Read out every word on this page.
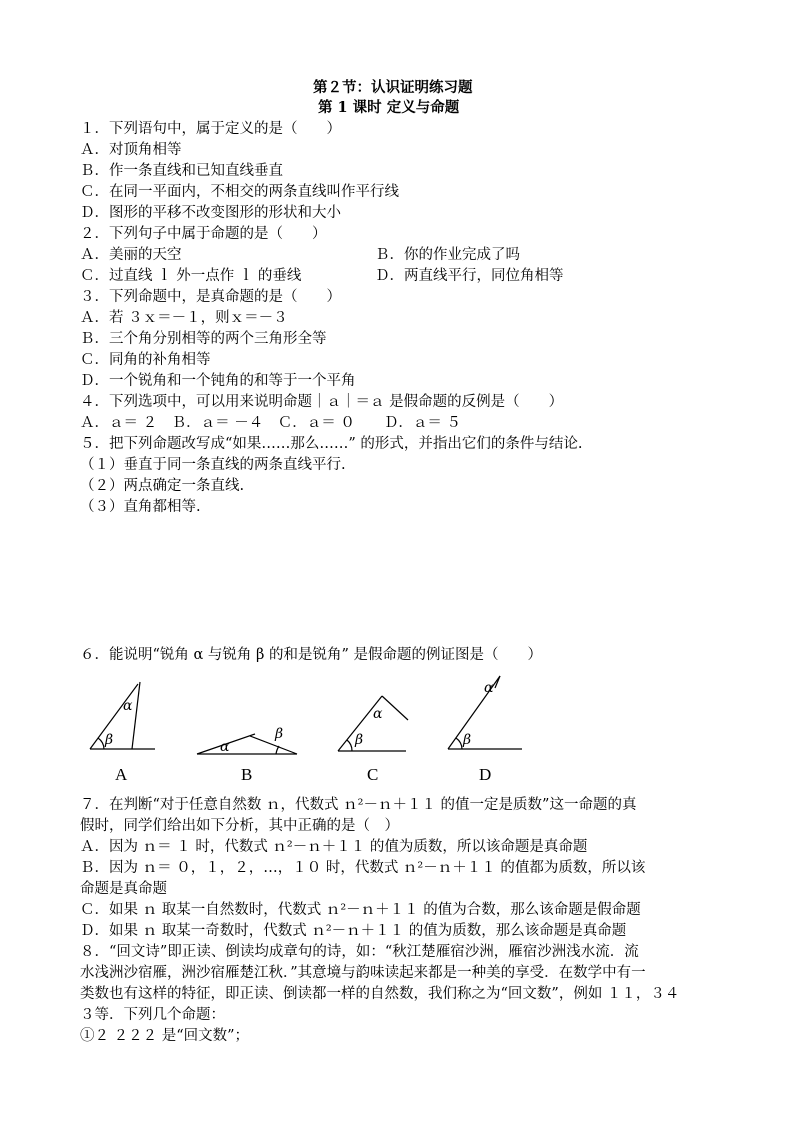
第２节：认识证明练习题
第 1 课时 定义与命题
１．下列语句中，属于定义的是（　　）
Ａ．对顶角相等
Ｂ．作一条直线和已知直线垂直
Ｃ．在同一平面内，不相交的两条直线叫作平行线
Ｄ．图形的平移不改变图形的形状和大小
２．下列句子中属于命题的是（　　）
Ａ．美丽的天空	Ｂ．你的作业完成了吗
Ｃ．过直线 ｌ 外一点作 ｌ 的垂线	Ｄ．两直线平行，同位角相等
３．下列命题中，是真命题的是（　　）
Ａ．若 ３ｘ＝－１，则ｘ＝－３
Ｂ．三个角分别相等的两个三角形全等
Ｃ．同角的补角相等
Ｄ．一个锐角和一个钝角的和等于一个平角
４．下列选项中，可以用来说明命题｜ａ｜＝ａ 是假命题的反例是（　　）
Ａ．ａ＝ ２　Ｂ．ａ＝ －４　Ｃ．ａ＝ ０　　Ｄ．ａ＝ ５
５．把下列命题改写成“如果……那么……” 的形式，并指出它们的条件与结论.
（１）垂直于同一条直线的两条直线平行.
（２）两点确定一条直线.
（３）直角都相等.
６．能说明“锐角 α 与锐角 β 的和是锐角” 是假命题的例证图是（　　）
α
β	α
β
α
β
α
β
A	B	C	D
７．在判断“对于任意自然数 ｎ，代数式 ｎ²－ｎ＋１１ 的值一定是质数”这一命题的真
假时，同学们给出如下分析，其中正确的是（　）
Ａ．因为 ｎ＝ １ 时，代数式 ｎ²－ｎ＋１１ 的值为质数，所以该命题是真命题
Ｂ．因为 ｎ＝ ０，１，２，…，１０ 时，代数式 ｎ²－ｎ＋１１ 的值都为质数，所以该
命题是真命题
Ｃ．如果 ｎ 取某一自然数时，代数式 ｎ²－ｎ＋１１ 的值为合数，那么该命题是假命题
Ｄ．如果 ｎ 取某一奇数时，代数式 ｎ²－ｎ＋１１ 的值为质数，那么该命题是真命题
８．“回文诗”即正读、倒读均成章句的诗，如：“秋江楚雁宿沙洲，雁宿沙洲浅水流．流
水浅洲沙宿雁，洲沙宿雁楚江秋．”其意境与韵味读起来都是一种美的享受．在数学中有一
类数也有这样的特征，即正读、倒读都一样的自然数，我们称之为“回文数”，例如 １１，３４
３等．下列几个命题：
①２ ２２２ 是“回文数”；
